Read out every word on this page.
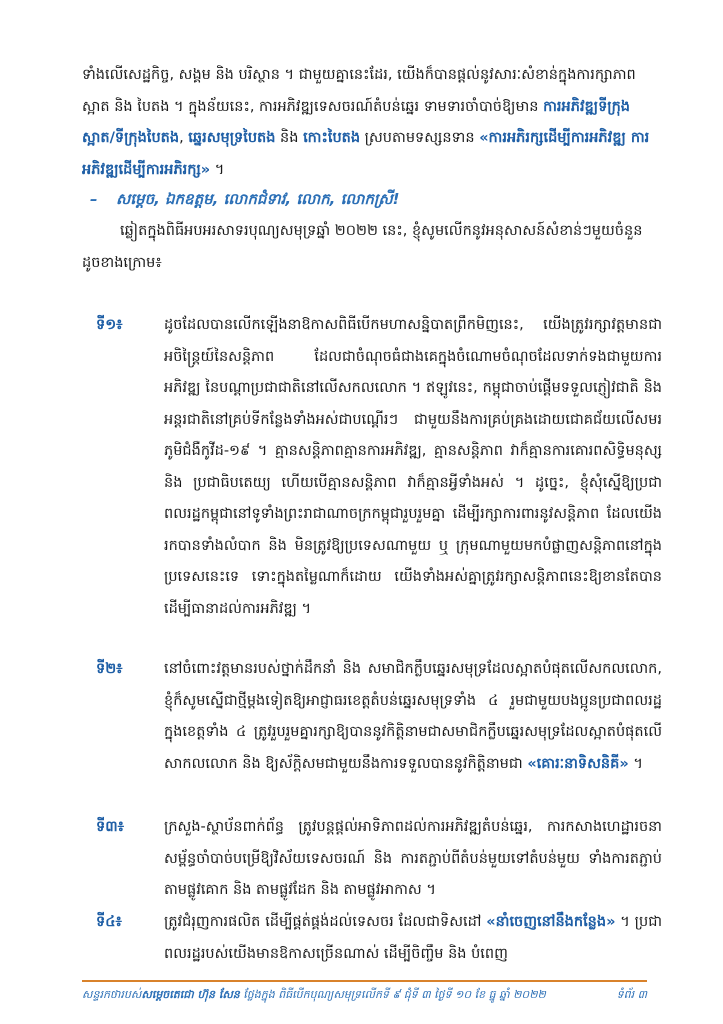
ទាំងលើសេដ្ឋកិច្ច, សង្គម និង បរិស្ថាន ។ ជាមួយគ្នានេះដែរ, យើងក៏បានផ្តល់នូវសារៈសំខាន់ក្នុងការក្សាភាពស្អាត និង បៃតង ។ ក្នុងន័យនេះ, ការអភិវឌ្ឍទេសចរណ៍តំបន់ឆ្នេរ ទាមទារចាំបាច់ឱ្យមាន ការអភិវឌ្ឍទីក្រុងស្អាត/ទីក្រុងបៃតង, ឆ្នេរសមុទ្របៃតង និង កោះបៃតង ស្របតាមទស្សនទាន «ការអភិរក្សដើម្បីការអភិវឌ្ឍ ការអភិវឌ្ឍដើម្បីការអភិរក្ស» ។
– សម្តេច, ឯកឧត្តម, លោកជំទាវ, លោក, លោកស្រី!
ឆ្លៀតក្នុងពិធីអបអរសាទរបុណ្យសមុទ្រឆ្នាំ ២០២២ នេះ, ខ្ញុំសូមលើកនូវអនុសាសន៍សំខាន់ៗមួយចំនួន ដូចខាងក្រោម៖
ទី១៖	ដូចដែលបានលើកឡើងនាឱកាសពិធីបើកមហាសន្និបាតព្រឹកមិញនេះ, យើងត្រូវរក្សាវត្តមានជាអចិន្ត្រៃយ៍នៃសន្តិភាព ដែលជាចំណុចធំជាងគេក្នុងចំណោមចំណុចដែលទាក់ទងជាមួយការអភិវឌ្ឍ នៃបណ្តាប្រជាជាតិនៅលើសកលលោក ។ ឥឡូវនេះ, កម្ពុជាចាប់ផ្តើមទទួលភ្ញៀវជាតិ និង អន្តរជាតិនៅគ្រប់ទីកន្លែងទាំងអស់ជាបណ្តើរៗ ជាមួយនឹងការគ្រប់គ្រងដោយជោគជ័យលើសមរភូមិជំងឺកូវីដ-១៩ ។ គ្មានសន្តិភាពគ្មានការអភិវឌ្ឍ, គ្មានសន្តិភាព វាក៏គ្មានការគោរពសិទ្ធិមនុស្ស និង ប្រជាធិបតេយ្យ ហើយបើគ្មានសន្តិភាព វាក៏គ្មានអ្វីទាំងអស់ ។ ដូច្នេះ, ខ្ញុំសុំស្នើឱ្យប្រជាពលរដ្ឋកម្ពុជានៅទូទាំងព្រះរាជាណាចក្រកម្ពុជារួបរួមគ្នា ដើម្បីរក្សាការពារនូវសន្តិភាព ដែលយើងរកបានទាំងលំបាក និង មិនត្រូវឱ្យប្រទេសណាមួយ ឬ ក្រុមណាមួយមកបំផ្លាញសន្តិភាពនៅក្នុងប្រទេសនេះទេ ទោះក្នុងតម្លៃណាក៏ដោយ យើងទាំងអស់គ្នាត្រូវរក្សាសន្តិភាពនេះឱ្យខានតែបាន ដើម្បីធានាដល់ការអភិវឌ្ឍ ។
ទី២៖	នៅចំពោះវត្តមានរបស់ថ្នាក់ដឹកនាំ និង សមាជិកក្លឹបឆ្នេរសមុទ្រដែលស្អាតបំផុតលើសកលលោក, ខ្ញុំក៏សូមស្នើជាថ្មីម្តងទៀតឱ្យអាជ្ញាធរខេត្តតំបន់ឆ្នេរសមុទ្រទាំង ៤ រួមជាមួយបងប្អូនប្រជាពលរដ្ឋក្នុងខេត្តទាំង ៤ ត្រូវរួបរួមគ្នារក្សាឱ្យបាននូវកិត្តិនាមជាសមាជិកក្លឹបឆ្នេរសមុទ្រដែលស្អាតបំផុតលើសាកលលោក និង ឱ្យស័ក្តិសមជាមួយនឹងការទទួលបាននូវកិត្តិនាមជា «គោរៈនាទិសនិគី» ។
ទី៣៖	ក្រសួង-ស្ថាប័នពាក់ព័ន្ធ ត្រូវបន្តផ្តល់អាទិភាពដល់ការអភិវឌ្ឍតំបន់ឆ្នេរ, ការកសាងហេដ្ឋារចនាសម្ព័ន្ធចាំបាច់បម្រើឱ្យវិស័យទេសចរណ៍ និង ការតភ្ជាប់ពីតំបន់មួយទៅតំបន់មួយ ទាំងការតភ្ជាប់តាមផ្លូវគោក និង តាមផ្លូវដែក និង តាមផ្លូវអាកាស ។
ទី៤៖	ត្រូវជំរុញការផលិត ដើម្បីផ្គត់ផ្គង់ដល់ទេសចរ ដែលជាទិសដៅ «នាំចេញនៅនឹងកន្លែង» ។ ប្រជាពលរដ្ឋរបស់យើងមានឱកាសច្រើនណាស់ ដើម្បីចិញ្ចឹម និង បំពេញ
សន្ទរកថារបស់សម្តេចតេជោ ហ៊ុន សែន ថ្លែងក្នុង ពិធីបើកបុណ្យសមុទ្រលើកទី ៩ ជុំទី ៣ ថ្ងៃទី ១០ ខែ ធ្នូ ឆ្នាំ ២០២២	ទំព័រ ៣
